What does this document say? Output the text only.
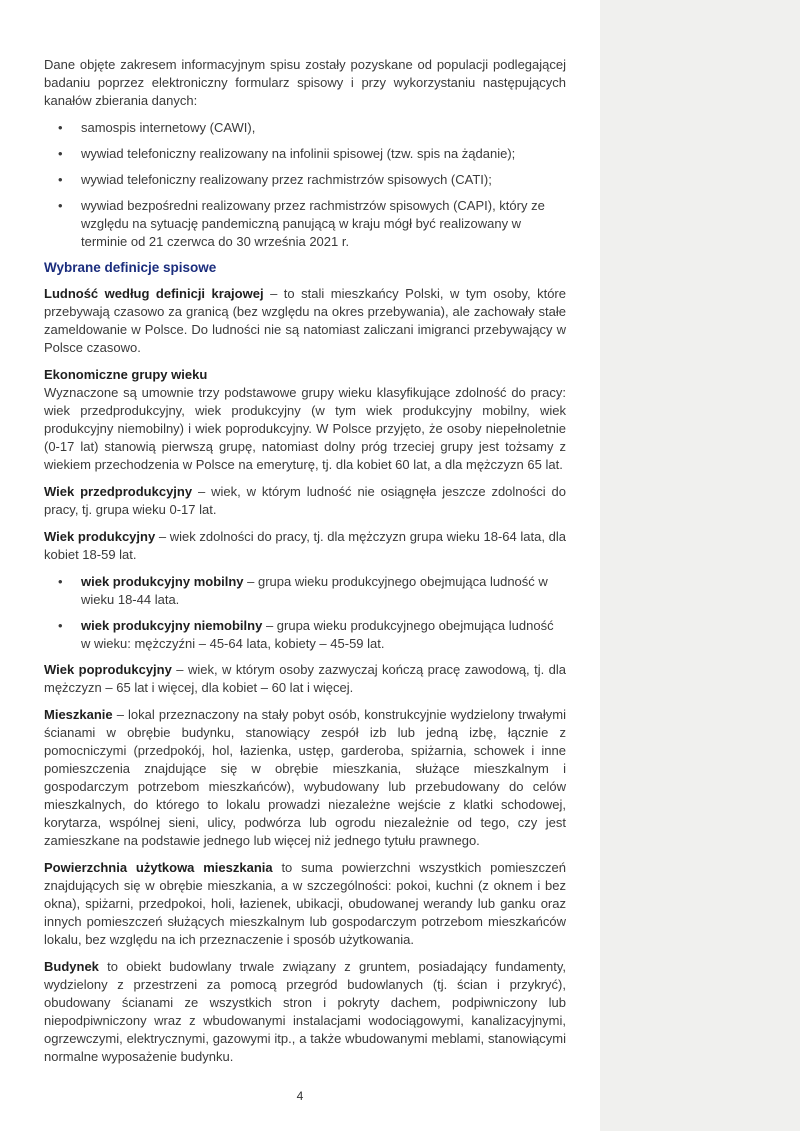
Dane objęte zakresem informacyjnym spisu zostały pozyskane od populacji podlegającej badaniu poprzez elektroniczny formularz spisowy i przy wykorzystaniu następujących kanałów zbierania danych:

•	samospis internetowy (CAWI),
•	wywiad telefoniczny realizowany na infolinii spisowej (tzw. spis na żądanie);
•	wywiad telefoniczny realizowany przez rachmistrzów spisowych (CATI);
•	wywiad bezpośredni realizowany przez rachmistrzów spisowych (CAPI), który ze względu na sytuację pandemiczną panującą w kraju mógł być realizowany w terminie od 21 czerwca do 30 września 2021 r.
Wybrane definicje spisowe

Ludność według definicji krajowej – to stali mieszkańcy Polski, w tym osoby, które przebywają czasowo za granicą (bez względu na okres przebywania), ale zachowały stałe zameldowanie w Polsce. Do ludności nie są natomiast zaliczani imigranci przebywający w Polsce czasowo.

Ekonomiczne grupy wieku
Wyznaczone są umownie trzy podstawowe grupy wieku klasyfikujące zdolność do pracy: wiek przedprodukcyjny, wiek produkcyjny (w tym wiek produkcyjny mobilny, wiek produkcyjny niemobilny) i wiek poprodukcyjny. W Polsce przyjęto, że osoby niepełnoletnie (0-17 lat) stanowią pierwszą grupę, natomiast dolny próg trzeciej grupy jest tożsamy z wiekiem przechodzenia w Polsce na emeryturę, tj. dla kobiet 60 lat, a dla mężczyzn 65 lat.

Wiek przedprodukcyjny – wiek, w którym ludność nie osiągnęła jeszcze zdolności do pracy, tj. grupa wieku 0-17 lat.

Wiek produkcyjny – wiek zdolności do pracy, tj. dla mężczyzn grupa wieku 18-64 lata, dla kobiet 18-59 lat.

•	wiek produkcyjny mobilny – grupa wieku produkcyjnego obejmująca ludność w wieku 18-44 lata.
•	wiek produkcyjny niemobilny – grupa wieku produkcyjnego obejmująca ludność w wieku: mężczyźni – 45-64 lata, kobiety – 45-59 lat.

Wiek poprodukcyjny – wiek, w którym osoby zazwyczaj kończą pracę zawodową, tj. dla mężczyzn – 65 lat i więcej, dla kobiet – 60 lat i więcej.

Mieszkanie – lokal przeznaczony na stały pobyt osób, konstrukcyjnie wydzielony trwałymi ścianami w obrębie budynku, stanowiący zespół izb lub jedną izbę, łącznie z pomocniczymi (przedpokój, hol, łazienka, ustęp, garderoba, spiżarnia, schowek i inne pomieszczenia znajdujące się w obrębie mieszkania, służące mieszkalnym i gospodarczym potrzebom mieszkańców), wybudowany lub przebudowany do celów mieszkalnych, do którego to lokalu prowadzi niezależne wejście z klatki schodowej, korytarza, wspólnej sieni, ulicy, podwórza lub ogrodu niezależnie od tego, czy jest zamieszkane na podstawie jednego lub więcej niż jednego tytułu prawnego.

Powierzchnia użytkowa mieszkania to suma powierzchni wszystkich pomieszczeń znajdujących się w obrębie mieszkania, a w szczególności: pokoi, kuchni (z oknem i bez okna), spiżarni, przedpokoi, holi, łazienek, ubikacji, obudowanej werandy lub ganku oraz innych pomieszczeń służących mieszkalnym lub gospodarczym potrzebom mieszkańców lokalu, bez względu na ich przeznaczenie i sposób użytkowania.

Budynek to obiekt budowlany trwale związany z gruntem, posiadający fundamenty, wydzielony z przestrzeni za pomocą przegród budowlanych (tj. ścian i przykryć), obudowany ścianami ze wszystkich stron i pokryty dachem, podpiwniczony lub niepodpiwniczony wraz z wbudowanymi instalacjami wodociągowymi, kanalizacyjnymi, ogrzewczymi, elektrycznymi, gazowymi itp., a także wbudowanymi meblami, stanowiącymi normalne wyposażenie budynku.

4
